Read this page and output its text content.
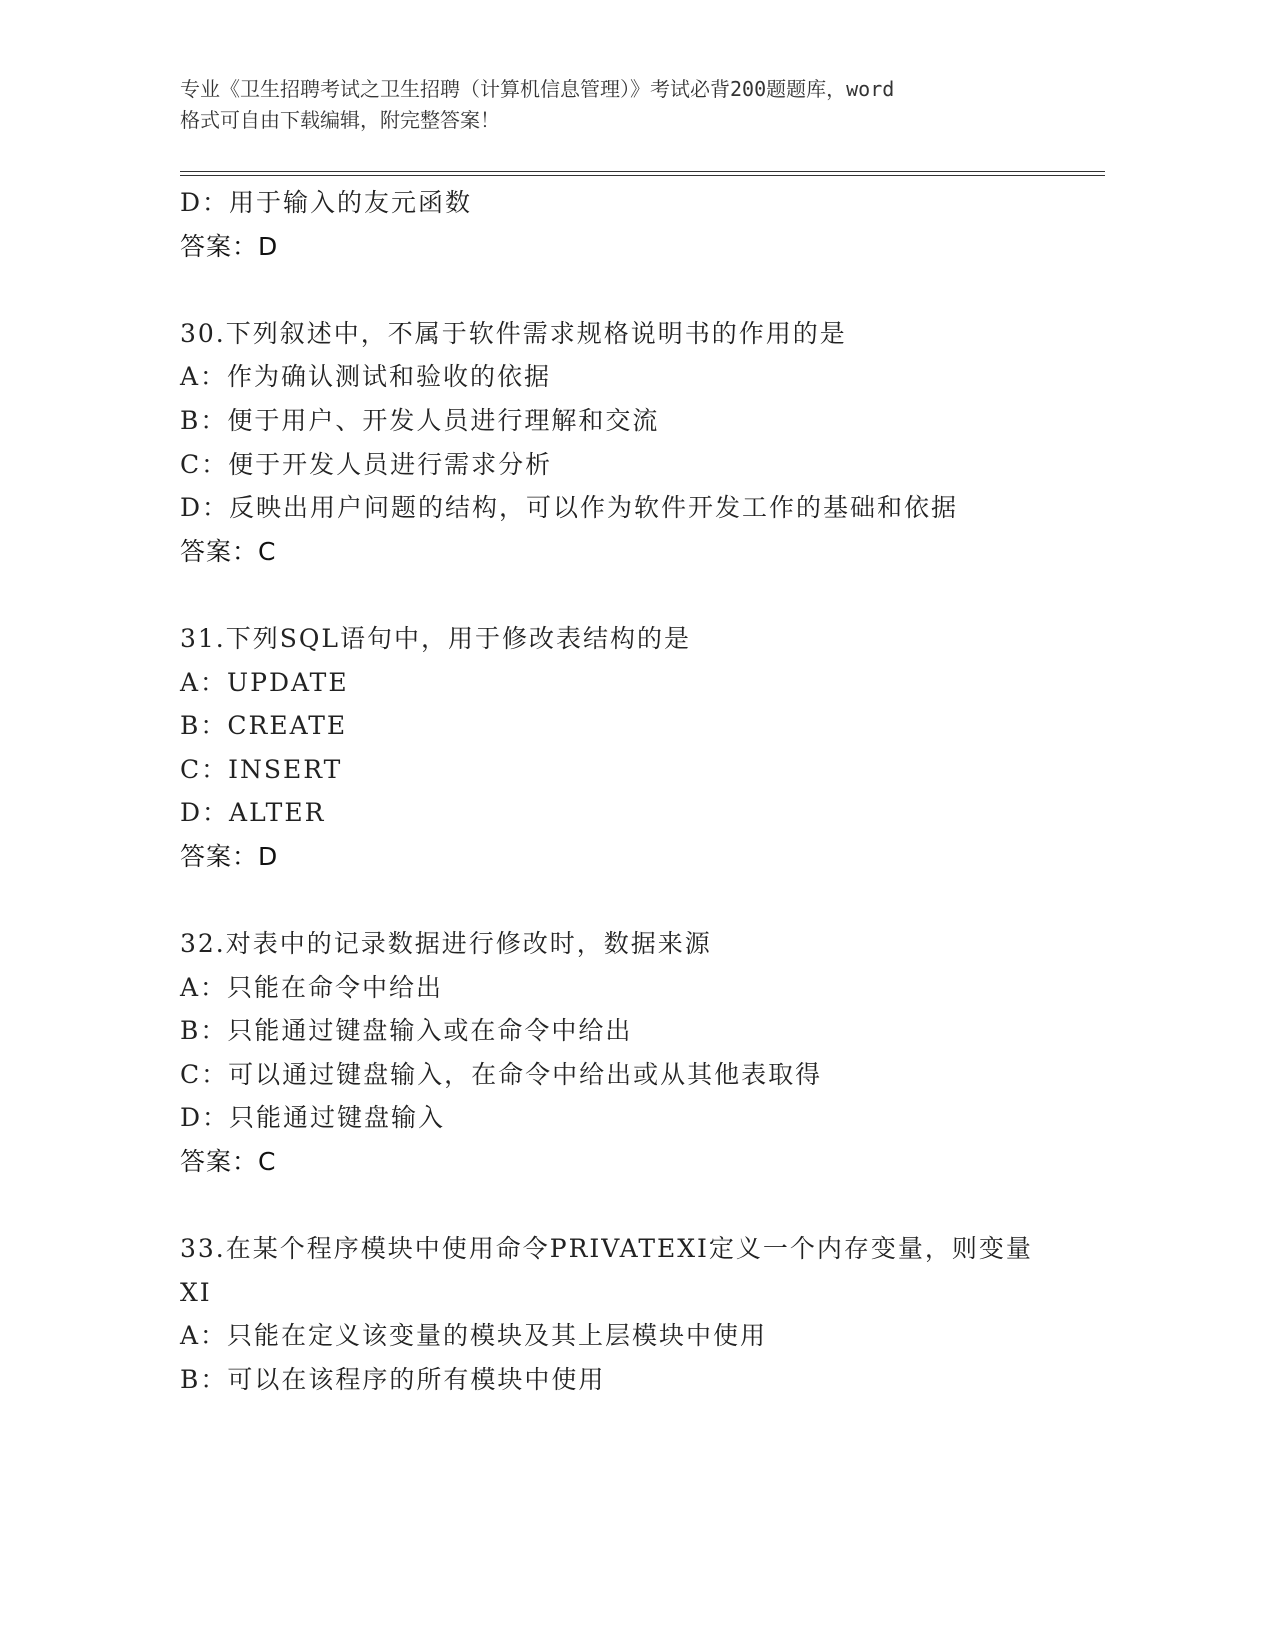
专业《卫生招聘考试之卫生招聘（计算机信息管理）》考试必背200题题库，word
格式可自由下载编辑，附完整答案！
D：用于输入的友元函数
答案：D
30.下列叙述中，不属于软件需求规格说明书的作用的是
A：作为确认测试和验收的依据
B：便于用户、开发人员进行理解和交流
C：便于开发人员进行需求分析
D：反映出用户问题的结构，可以作为软件开发工作的基础和依据
答案：C
31.下列SQL语句中，用于修改表结构的是
A：UPDATE
B：CREATE
C：INSERT
D：ALTER
答案：D
32.对表中的记录数据进行修改时，数据来源
A：只能在命令中给出
B：只能通过键盘输入或在命令中给出
C：可以通过键盘输入，在命令中给出或从其他表取得
D：只能通过键盘输入
答案：C
33.在某个程序模块中使用命令PRIVATEXI定义一个内存变量，则变量
XI
A：只能在定义该变量的模块及其上层模块中使用
B：可以在该程序的所有模块中使用
